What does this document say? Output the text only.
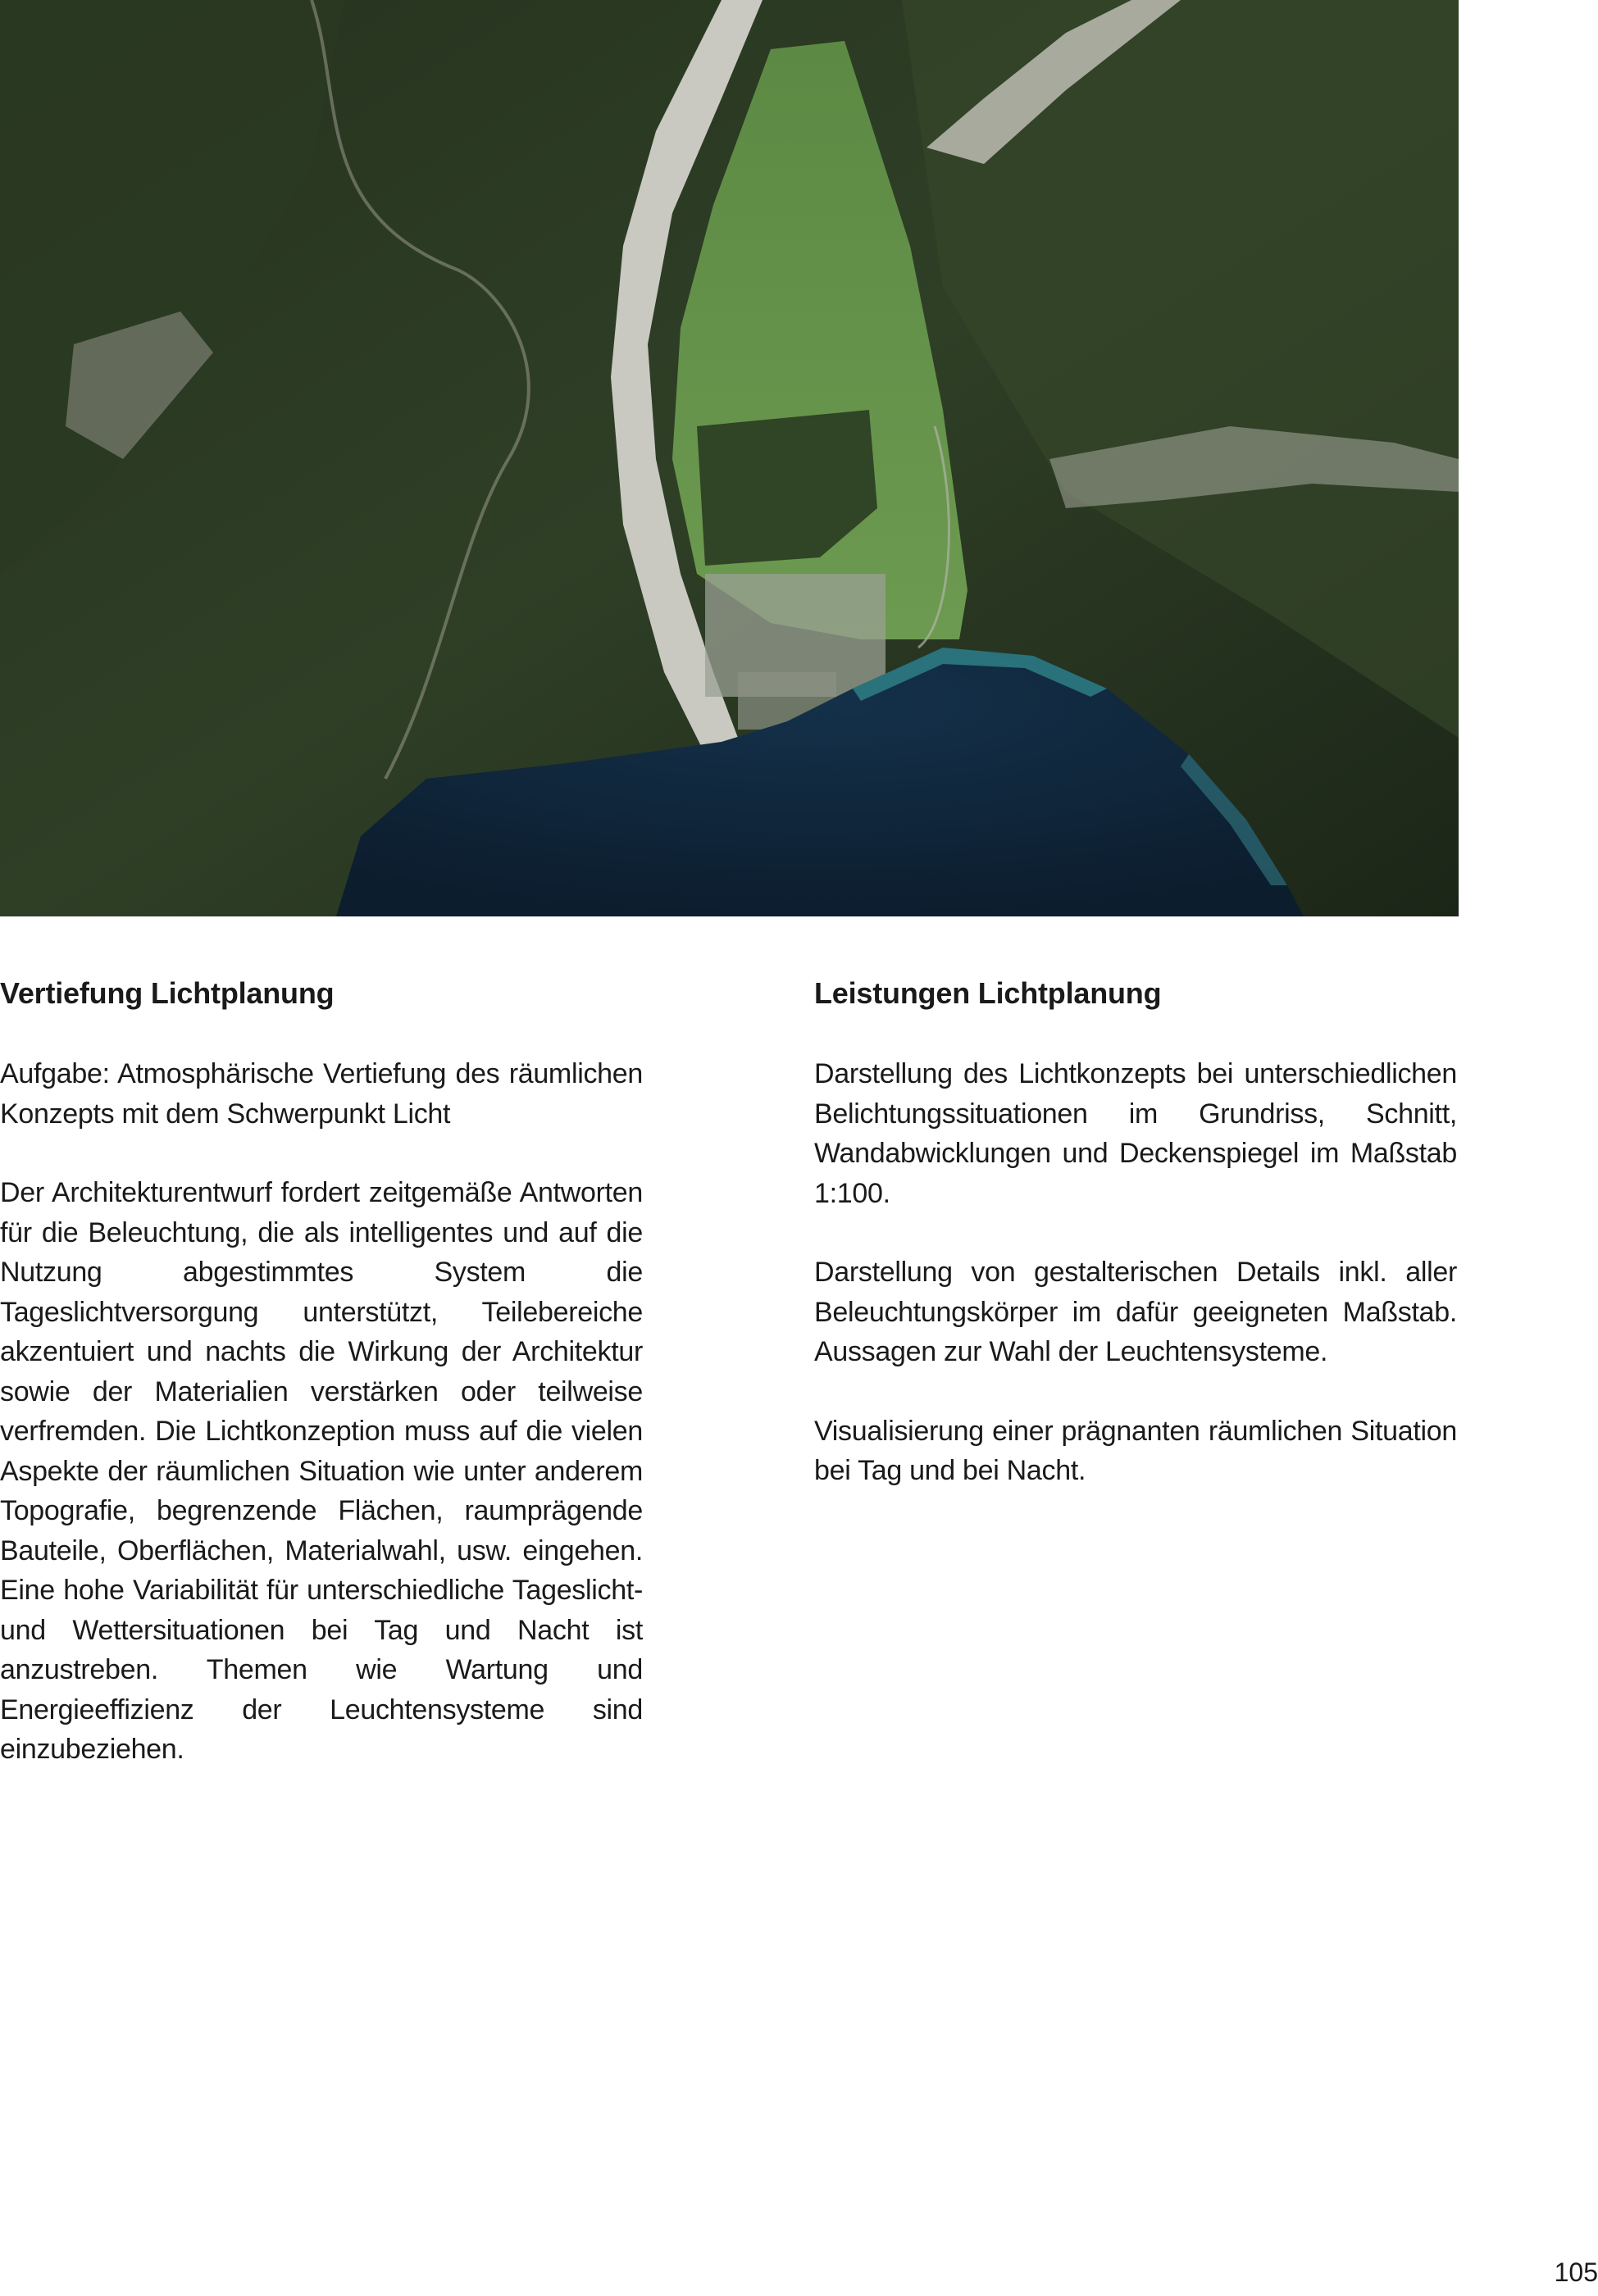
Vertiefung Lichtplanung

Aufgabe: Atmosphärische Vertiefung des räumlichen Konzepts mit dem Schwerpunkt Licht

Der Architekturentwurf fordert zeitgemäße Antworten für die Beleuchtung, die als intelligentes und auf die Nutzung abgestimmtes System die Tageslichtversorgung unterstützt, Teilebereiche akzentuiert und nachts die Wirkung der Architektur sowie der Materialien verstärken oder teilweise verfremden. Die Lichtkonzeption muss auf die vielen Aspekte der räumlichen Situation wie unter anderem Topografie, begrenzende Flächen, raumprägende Bauteile, Oberflächen, Materialwahl, usw. eingehen. Eine hohe Variabilität für unterschiedliche Tageslicht- und Wettersituationen bei Tag und Nacht ist anzustreben. Themen wie Wartung und Energieeffizienz der Leuchtensysteme sind einzubeziehen.

Leistungen Lichtplanung

Darstellung des Lichtkonzepts bei unterschiedlichen Belichtungssituationen im Grundriss, Schnitt, Wandabwicklungen und Deckenspiegel im Maßstab 1:100.

Darstellung von gestalterischen Details inkl. aller Beleuchtungskörper im dafür geeigneten Maßstab. Aussagen zur Wahl der Leuchtensysteme.

Visualisierung einer prägnanten räumlichen Situation bei Tag und bei Nacht.

105
